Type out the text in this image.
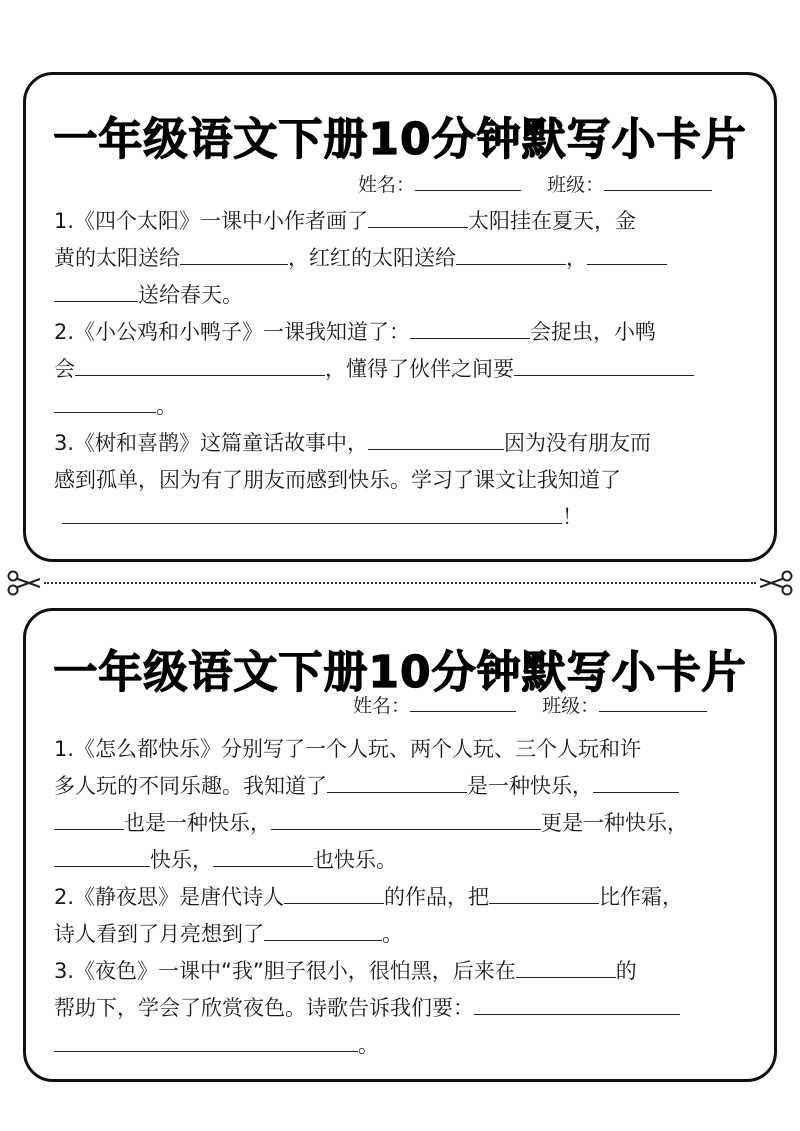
一年级语文下册10分钟默写小卡片
姓名：	班级：
1.《四个太阳》一课中小作者画了	太阳挂在夏天，金
黄的太阳送给	，红红的太阳送给	，
送给春天。
2.《小公鸡和小鸭子》一课我知道了：	会捉虫，小鸭
会	，懂得了伙伴之间要
。
3.《树和喜鹊》这篇童话故事中，	因为没有朋友而
感到孤单，因为有了朋友而感到快乐。学习了课文让我知道了
！
一年级语文下册10分钟默写小卡片
姓名：	班级：
1.《怎么都快乐》分别写了一个人玩、两个人玩、三个人玩和许
多人玩的不同乐趣。我知道了	是一种快乐，
也是一种快乐，	更是一种快乐，
快乐，	也快乐。
2.《静夜思》是唐代诗人	的作品，把	比作霜，
诗人看到了月亮想到了	。
3.《夜色》一课中“我”胆子很小，很怕黑，后来在	的
帮助下，学会了欣赏夜色。诗歌告诉我们要：
。
